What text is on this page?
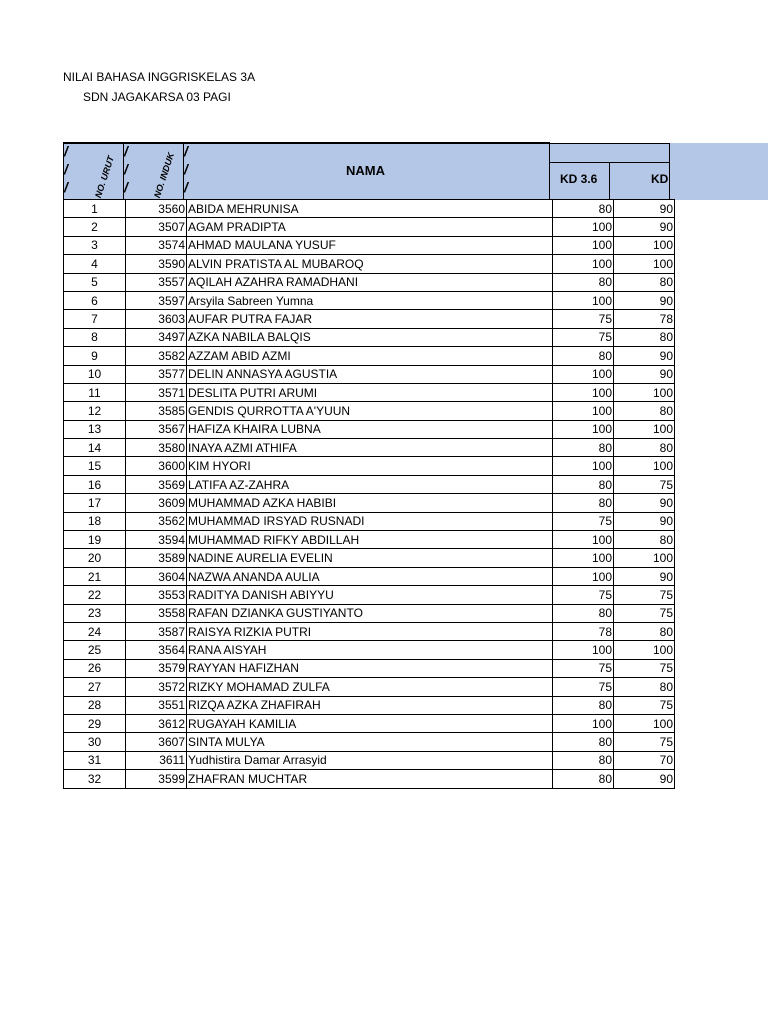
NILAI BAHASA INGGRISKELAS 3A
SDN JAGAKARSA 03 PAGI
/
/
/
/
/
/
/
/
/
NO. URUT	NO. INDUK	NAMA
KD 3.6	KD
1	3560	ABIDA MEHRUNISA	80	90
2	3507	AGAM PRADIPTA	100	90
3	3574	AHMAD MAULANA YUSUF	100	100
4	3590	ALVIN PRATISTA AL MUBAROQ	100	100
5	3557	AQILAH AZAHRA RAMADHANI	80	80
6	3597	Arsyila Sabreen Yumna	100	90
7	3603	AUFAR PUTRA FAJAR	75	78
8	3497	AZKA NABILA BALQIS	75	80
9	3582	AZZAM ABID AZMI	80	90
10	3577	DELIN ANNASYA AGUSTIA	100	90
11	3571	DESLITA PUTRI ARUMI	100	100
12	3585	GENDIS QURROTTA A'YUUN	100	80
13	3567	HAFIZA KHAIRA LUBNA	100	100
14	3580	INAYA AZMI ATHIFA	80	80
15	3600	KIM HYORI	100	100
16	3569	LATIFA AZ-ZAHRA	80	75
17	3609	MUHAMMAD AZKA HABIBI	80	90
18	3562	MUHAMMAD IRSYAD RUSNADI	75	90
19	3594	MUHAMMAD RIFKY ABDILLAH	100	80
20	3589	NADINE AURELIA EVELIN	100	100
21	3604	NAZWA ANANDA AULIA	100	90
22	3553	RADITYA DANISH ABIYYU	75	75
23	3558	RAFAN DZIANKA GUSTIYANTO	80	75
24	3587	RAISYA RIZKIA PUTRI	78	80
25	3564	RANA AISYAH	100	100
26	3579	RAYYAN HAFIZHAN	75	75
27	3572	RIZKY MOHAMAD ZULFA	75	80
28	3551	RIZQA AZKA ZHAFIRAH	80	75
29	3612	RUGAYAH KAMILIA	100	100
30	3607	SINTA MULYA	80	75
31	3611	Yudhistira Damar Arrasyid	80	70
32	3599	ZHAFRAN MUCHTAR	80	90
